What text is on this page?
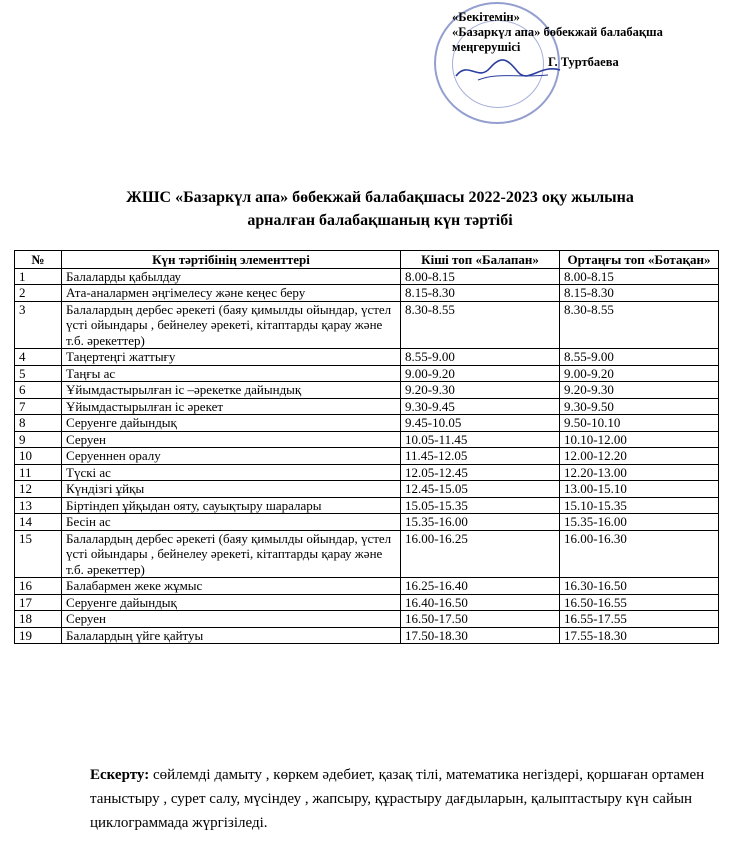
«Бекітемін»
«Базаркүл апа» бөбекжай балабақша
меңгерушісі
Г. Туртбаева
ЖШС «Базаркүл апа» бөбекжай балабақшасы 2022-2023 оқу жылына
арналған балабақшаның күн тәртібі
№	Күн тәртібінің элементтері	Кіші топ «Балапан»	Ортаңғы топ «Ботақан»
1	Балаларды қабылдау	8.00-8.15	8.00-8.15
2	Ата-аналармен әңгімелесу және кеңес беру	8.15-8.30	8.15-8.30
3	Балалардың дербес әрекеті (баяу қимылды ойындар, үстел үсті ойындары , бейнелеу әрекеті, кітаптарды қарау және т.б. әрекеттер)	8.30-8.55	8.30-8.55
4	Таңертеңгі жаттығу	8.55-9.00	8.55-9.00
5	Таңғы ас	9.00-9.20	9.00-9.20
6	Ұйымдастырылған іс –әрекетке дайындық	9.20-9.30	9.20-9.30
7	Ұйымдастырылған іс әрекет	9.30-9.45	9.30-9.50
8	Серуенге дайындық	9.45-10.05	9.50-10.10
9	Серуен	10.05-11.45	10.10-12.00
10	Серуеннен оралу	11.45-12.05	12.00-12.20
11	Түскі ас	12.05-12.45	12.20-13.00
12	Күндізгі ұйқы	12.45-15.05	13.00-15.10
13	Біртіндеп ұйқыдан ояту, сауықтыру шаралары	15.05-15.35	15.10-15.35
14	Бесін ас	15.35-16.00	15.35-16.00
15	Балалардың дербес әрекеті (баяу қимылды ойындар, үстел үсті ойындары , бейнелеу әрекеті, кітаптарды қарау және т.б. әрекеттер)	16.00-16.25	16.00-16.30
16	Балабармен жеке жұмыс	16.25-16.40	16.30-16.50
17	Серуенге дайындық	16.40-16.50	16.50-16.55
18	Серуен	16.50-17.50	16.55-17.55
19	Балалардың үйге қайтуы	17.50-18.30	17.55-18.30
Ескерту: сөйлемді дамыту , көркем әдебиет, қазақ тілі, математика негіздері, қоршаған ортамен таныстыру , сурет салу, мүсіндеу , жапсыру, құрастыру дағдыларын, қалыптастыру күн сайын циклограммада жүргізіледі.
